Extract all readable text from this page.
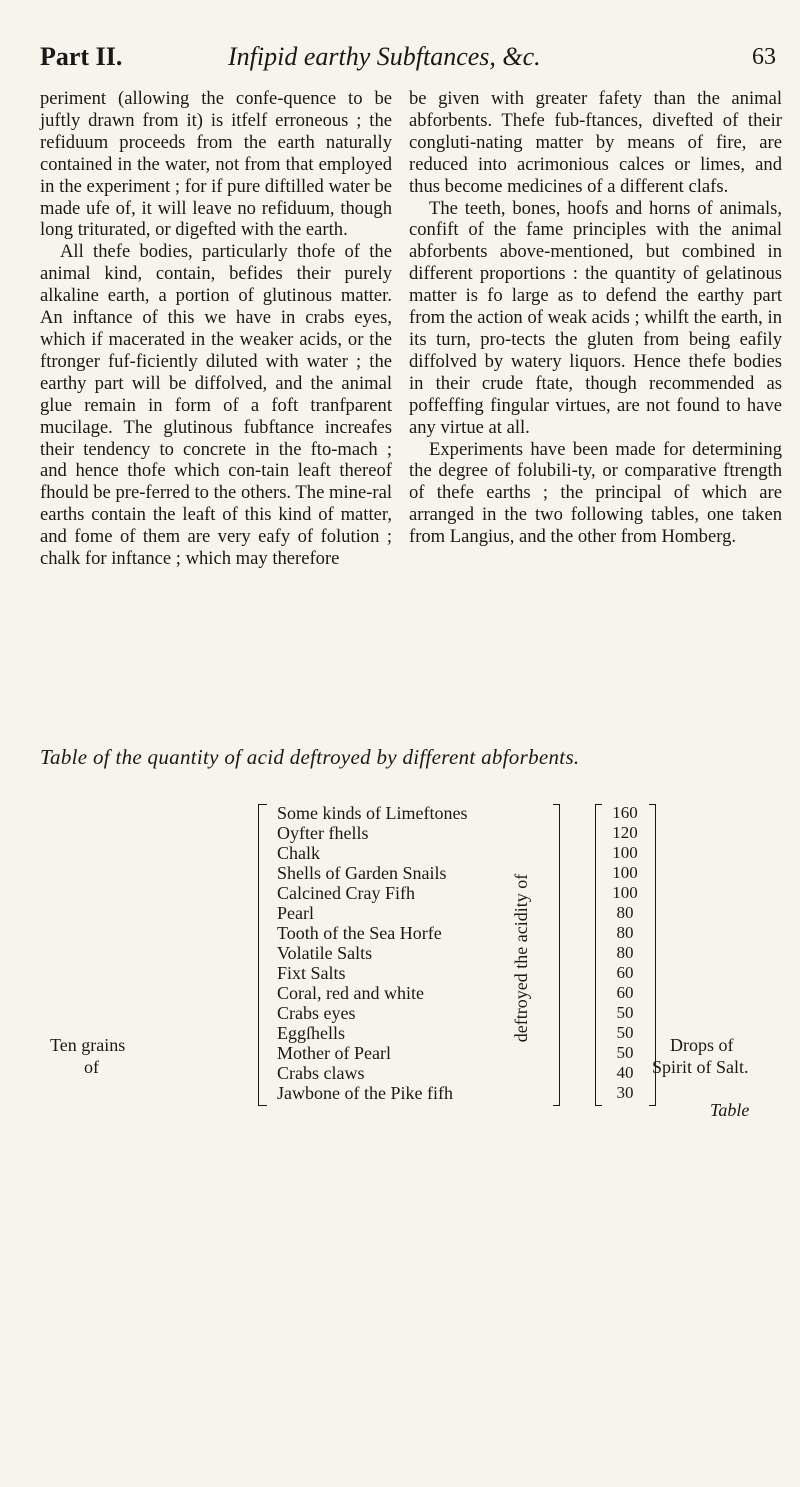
Part II.	Infipid earthy Subftances, &c.	63

periment (allowing the confe-quence to be juftly drawn from it) is itfelf erroneous ; the refiduum proceeds from the earth naturally contained in the water, not from that employed in the experiment ; for if pure diftilled water be made ufe of, it will leave no refiduum, though long triturated, or digefted with the earth.

All thefe bodies, particularly thofe of the animal kind, contain, befides their purely alkaline earth, a portion of glutinous matter. An inftance of this we have in crabs eyes, which if macerated in the weaker acids, or the ftronger fuf-ficiently diluted with water ; the earthy part will be diffolved, and the animal glue remain in form of a foft tranfparent mucilage. The glutinous fubftance increafes their tendency to concrete in the fto-mach ; and hence thofe which con-tain leaft thereof fhould be pre-ferred to the others. The mine-ral earths contain the leaft of this kind of matter, and fome of them are very eafy of folution ; chalk for inftance ; which may therefore

be given with greater fafety than the animal abforbents. Thefe fub-ftances, divefted of their congluti-nating matter by means of fire, are reduced into acrimonious calces or limes, and thus become medicines of a different clafs.

The teeth, bones, hoofs and horns of animals, confift of the fame principles with the animal abforbents above-mentioned, but combined in different proportions : the quantity of gelatinous matter is fo large as to defend the earthy part from the action of weak acids ; whilft the earth, in its turn, pro-tects the gluten from being eafily diffolved by watery liquors. Hence thefe bodies in their crude ftate, though recommended as poffeffing fingular virtues, are not found to have any virtue at all.

Experiments have been made for determining the degree of folubili-ty, or comparative ftrength of thefe earths ; the principal of which are arranged in the two following tables, one taken from Langius, and the other from Homberg.

Table of the quantity of acid deftroyed by different abforbents.
Ten grains
of
deftroyed the acidity of
Drops of
Spirit of Salt.
Some kinds of Limeftones	160
Oyfter fhells	120
Chalk	100
Shells of Garden Snails	100
Calcined Cray Fifh	100
Pearl	80
Tooth of the Sea Horfe	80
Volatile Salts	80
Fixt Salts	60
Coral, red and white	60
Crabs eyes	50
Eggſhells	50
Mother of Pearl	50
Crabs claws	40
Jawbone of the Pike fifh	30
Table
